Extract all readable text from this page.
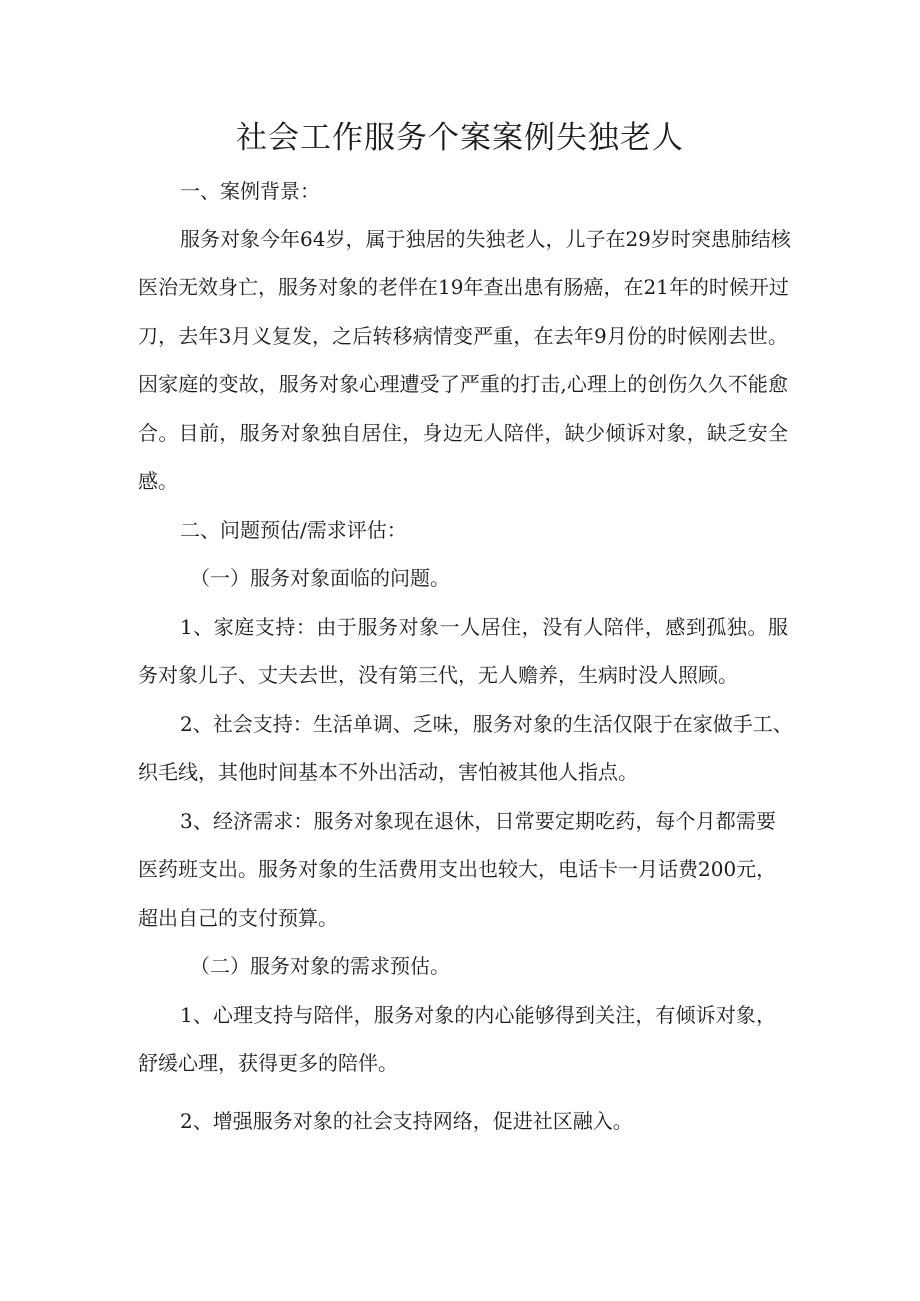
社会工作服务个案案例失独老人

一、案例背景：

服务对象今年64岁，属于独居的失独老人，儿子在29岁时突患肺结核

医治无效身亡，服务对象的老伴在19年查出患有肠癌，在21年的时候开过

刀，去年3月义复发，之后转移病情变严重，在去年9月份的时候刚去世。

因家庭的变故，服务对象心理遭受了严重的打击,心理上的创伤久久不能愈

合。目前，服务对象独自居住，身边无人陪伴，缺少倾诉对象，缺乏安全

感。

二、问题预估/需求评估：

（一）服务对象面临的问题。

1、家庭支持：由于服务对象一人居住，没有人陪伴，感到孤独。服

务对象儿子、丈夫去世，没有第三代，无人赡养，生病时没人照顾。

2、社会支持：生活单调、乏味，服务对象的生活仅限于在家做手工、

织毛线，其他时间基本不外出活动，害怕被其他人指点。

3、经济需求：服务对象现在退休，日常要定期吃药，每个月都需要

医药班支出。服务对象的生活费用支出也较大，电话卡一月话费200元，

超出自己的支付预算。

（二）服务对象的需求预估。

1、心理支持与陪伴，服务对象的内心能够得到关注，有倾诉对象，

舒缓心理，获得更多的陪伴。

2、增强服务对象的社会支持网络，促进社区融入。
